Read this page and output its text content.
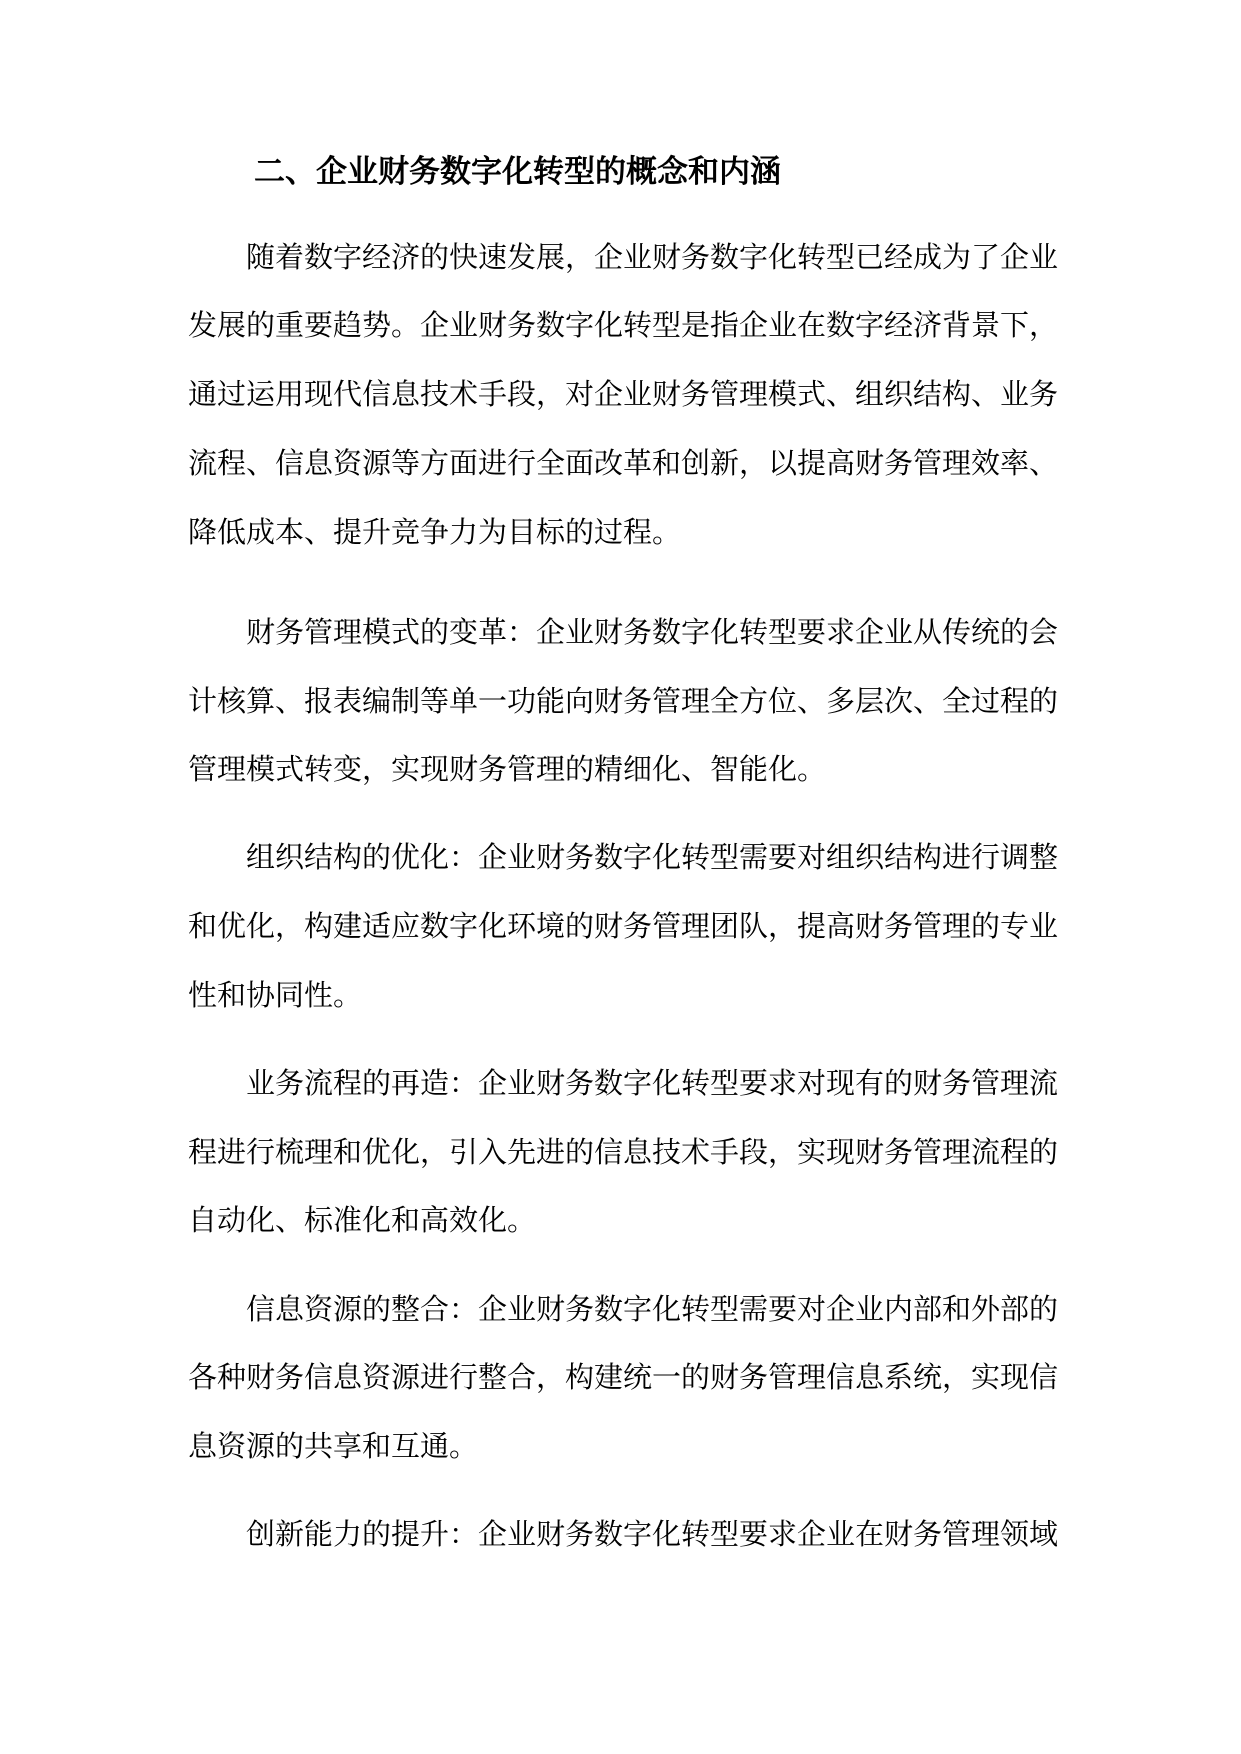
二、企业财务数字化转型的概念和内涵

随着数字经济的快速发展，企业财务数字化转型已经成为了企业

发展的重要趋势。企业财务数字化转型是指企业在数字经济背景下，

通过运用现代信息技术手段，对企业财务管理模式、组织结构、业务

流程、信息资源等方面进行全面改革和创新，以提高财务管理效率、

降低成本、提升竞争力为目标的过程。

财务管理模式的变革：企业财务数字化转型要求企业从传统的会

计核算、报表编制等单一功能向财务管理全方位、多层次、全过程的

管理模式转变，实现财务管理的精细化、智能化。

组织结构的优化：企业财务数字化转型需要对组织结构进行调整

和优化，构建适应数字化环境的财务管理团队，提高财务管理的专业

性和协同性。

业务流程的再造：企业财务数字化转型要求对现有的财务管理流

程进行梳理和优化，引入先进的信息技术手段，实现财务管理流程的

自动化、标准化和高效化。

信息资源的整合：企业财务数字化转型需要对企业内部和外部的

各种财务信息资源进行整合，构建统一的财务管理信息系统，实现信

息资源的共享和互通。

创新能力的提升：企业财务数字化转型要求企业在财务管理领域
